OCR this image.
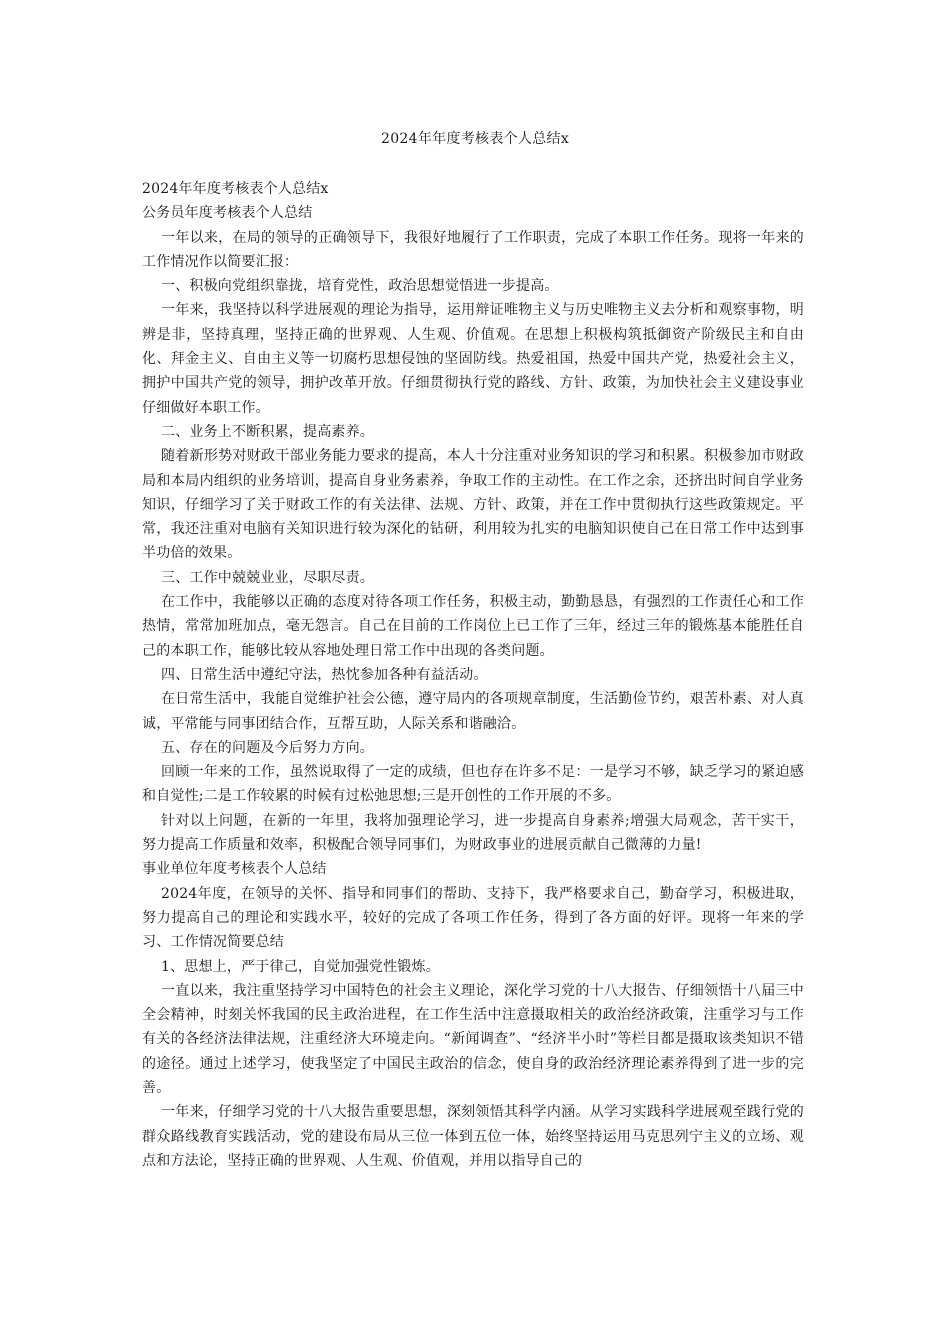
2024年年度考核表个人总结x

2024年年度考核表个人总结x

公务员年度考核表个人总结

一年以来，在局的领导的正确领导下，我很好地履行了工作职责，完成了本职工作任务。现将一年来的工作情况作以简要汇报：

一、积极向党组织靠拢，培育党性，政治思想觉悟进一步提高。

一年来，我坚持以科学进展观的理论为指导，运用辩证唯物主义与历史唯物主义去分析和观察事物，明辨是非，坚持真理，坚持正确的世界观、人生观、价值观。在思想上积极构筑抵御资产阶级民主和自由化、拜金主义、自由主义等一切腐朽思想侵蚀的坚固防线。热爱祖国，热爱中国共产党，热爱社会主义，拥护中国共产党的领导，拥护改革开放。仔细贯彻执行党的路线、方针、政策，为加快社会主义建设事业仔细做好本职工作。

二、业务上不断积累，提高素养。

随着新形势对财政干部业务能力要求的提高，本人十分注重对业务知识的学习和积累。积极参加市财政局和本局内组织的业务培训，提高自身业务素养，争取工作的主动性。在工作之余，还挤出时间自学业务知识，仔细学习了关于财政工作的有关法律、法规、方针、政策，并在工作中贯彻执行这些政策规定。平常，我还注重对电脑有关知识进行较为深化的钻研，利用较为扎实的电脑知识使自己在日常工作中达到事半功倍的效果。

三、工作中兢兢业业，尽职尽责。

在工作中，我能够以正确的态度对待各项工作任务，积极主动，勤勤恳恳，有强烈的工作责任心和工作热情，常常加班加点，毫无怨言。自己在目前的工作岗位上已工作了三年，经过三年的锻炼基本能胜任自己的本职工作，能够比较从容地处理日常工作中出现的各类问题。

四、日常生活中遵纪守法，热忱参加各种有益活动。

在日常生活中，我能自觉维护社会公德，遵守局内的各项规章制度，生活勤俭节约，艰苦朴素、对人真诚，平常能与同事团结合作，互帮互助，人际关系和谐融洽。

五、存在的问题及今后努力方向。

回顾一年来的工作，虽然说取得了一定的成绩，但也存在许多不足：一是学习不够，缺乏学习的紧迫感和自觉性;二是工作较累的时候有过松弛思想;三是开创性的工作开展的不多。

针对以上问题，在新的一年里，我将加强理论学习，进一步提高自身素养;增强大局观念，苦干实干，努力提高工作质量和效率，积极配合领导同事们，为财政事业的进展贡献自己微薄的力量!

事业单位年度考核表个人总结

2024年度，在领导的关怀、指导和同事们的帮助、支持下，我严格要求自己，勤奋学习，积极进取，努力提高自己的理论和实践水平，较好的完成了各项工作任务，得到了各方面的好评。现将一年来的学习、工作情况简要总结

1、思想上，严于律己，自觉加强党性锻炼。

一直以来，我注重坚持学习中国特色的社会主义理论，深化学习党的十八大报告、仔细领悟十八届三中全会精神，时刻关怀我国的民主政治进程，在工作生活中注意摄取相关的政治经济政策，注重学习与工作有关的各经济法律法规，注重经济大环境走向。“新闻调查”、“经济半小时”等栏目都是摄取该类知识不错的途径。通过上述学习，使我坚定了中国民主政治的信念，使自身的政治经济理论素养得到了进一步的完善。

一年来，仔细学习党的十八大报告重要思想，深刻领悟其科学内涵。从学习实践科学进展观至践行党的群众路线教育实践活动，党的建设布局从三位一体到五位一体，始终坚持运用马克思列宁主义的立场、观点和方法论，坚持正确的世界观、人生观、价值观，并用以指导自己的
